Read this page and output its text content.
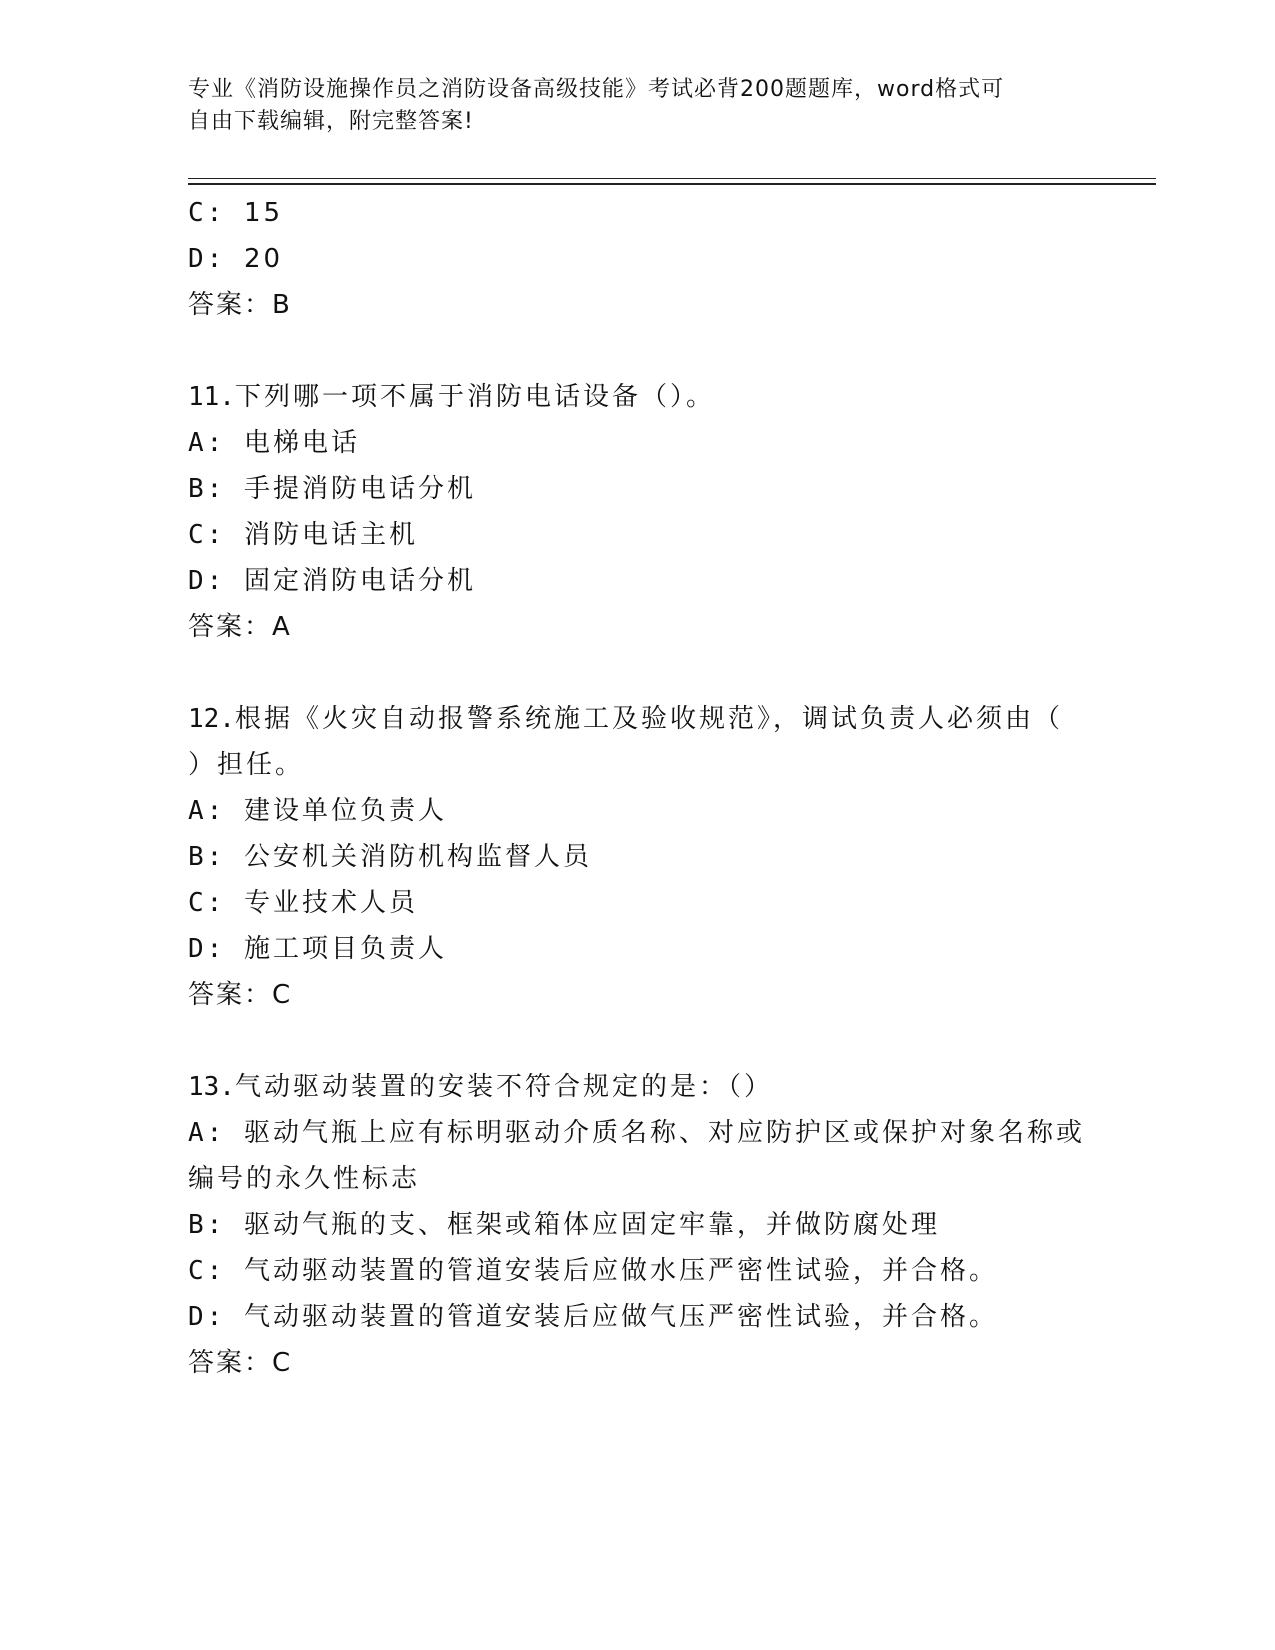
专业《消防设施操作员之消防设备高级技能》考试必背200题题库，word格式可
自由下载编辑，附完整答案!
C: 15
D: 20
答案：B
11.下列哪一项不属于消防电话设备（）。
A: 电梯电话
B: 手提消防电话分机
C: 消防电话主机
D: 固定消防电话分机
答案：A
12.根据《火灾自动报警系统施工及验收规范》，调试负责人必须由（
）担任。
A: 建设单位负责人
B: 公安机关消防机构监督人员
C: 专业技术人员
D: 施工项目负责人
答案：C
13.气动驱动装置的安装不符合规定的是：（）
A: 驱动气瓶上应有标明驱动介质名称、对应防护区或保护对象名称或
编号的永久性标志
B: 驱动气瓶的支、框架或箱体应固定牢靠，并做防腐处理
C: 气动驱动装置的管道安装后应做水压严密性试验，并合格。
D: 气动驱动装置的管道安装后应做气压严密性试验，并合格。
答案：C
